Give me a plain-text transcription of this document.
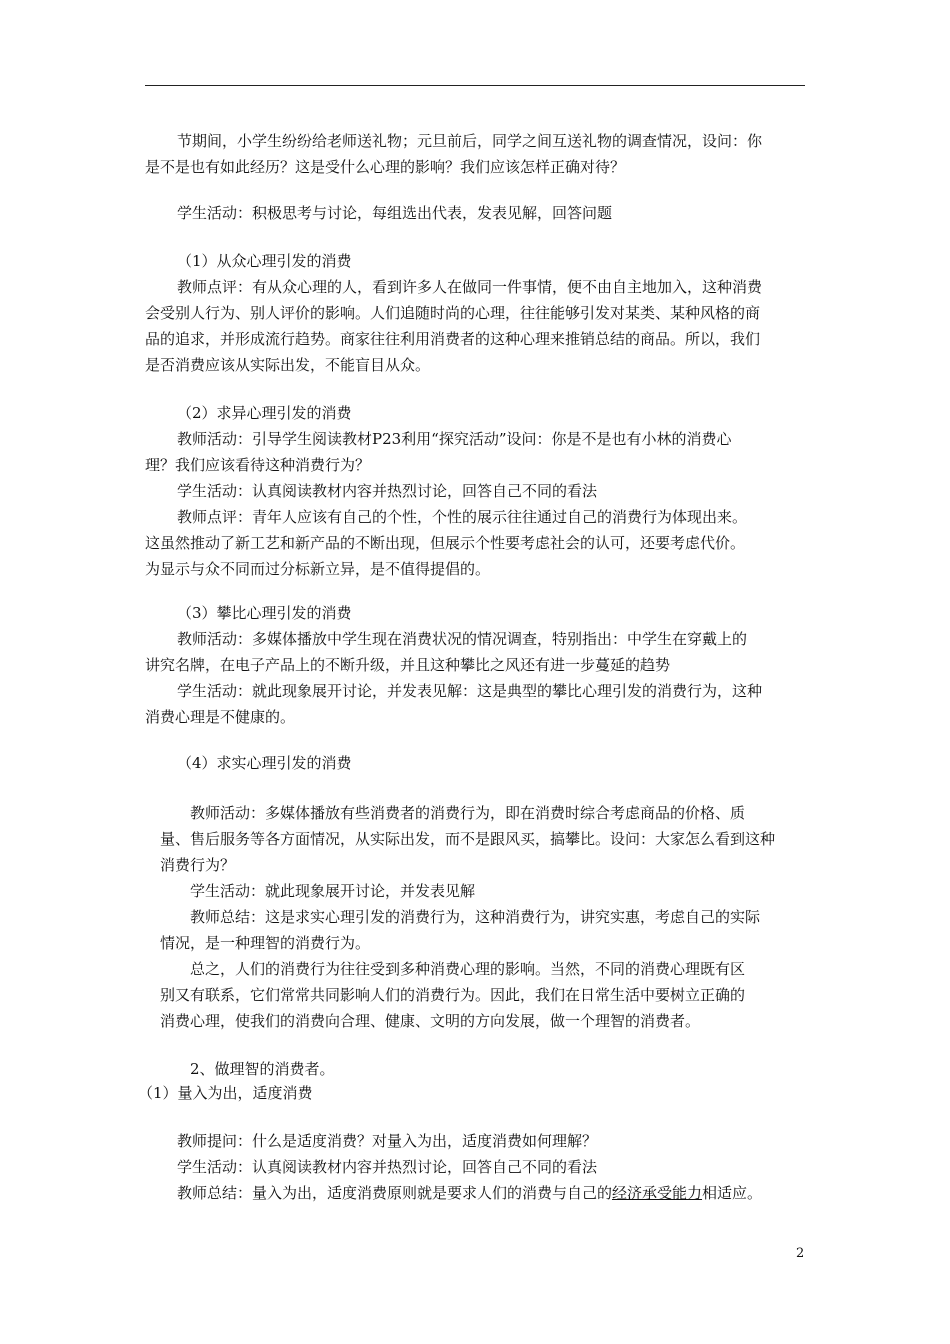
节期间，小学生纷纷给老师送礼物；元旦前后，同学之间互送礼物的调查情况，设问：你
是不是也有如此经历？这是受什么心理的影响？我们应该怎样正确对待？
学生活动：积极思考与讨论，每组选出代表，发表见解，回答问题
（1）从众心理引发的消费
教师点评：有从众心理的人，看到许多人在做同一件事情，便不由自主地加入，这种消费
会受别人行为、别人评价的影响。人们追随时尚的心理，往往能够引发对某类、某种风格的商
品的追求，并形成流行趋势。商家往往利用消费者的这种心理来推销总结的商品。所以，我们
是否消费应该从实际出发，不能盲目从众。
（2）求异心理引发的消费
教师活动：引导学生阅读教材P23利用“探究活动”设问：你是不是也有小林的消费心
理？我们应该看待这种消费行为？
学生活动：认真阅读教材内容并热烈讨论，回答自己不同的看法
教师点评：青年人应该有自己的个性，个性的展示往往通过自己的消费行为体现出来。
这虽然推动了新工艺和新产品的不断出现，但展示个性要考虑社会的认可，还要考虑代价。
为显示与众不同而过分标新立异，是不值得提倡的。
（3）攀比心理引发的消费
教师活动：多媒体播放中学生现在消费状况的情况调查，特别指出：中学生在穿戴上的
讲究名牌，在电子产品上的不断升级，并且这种攀比之风还有进一步蔓延的趋势
学生活动：就此现象展开讨论，并发表见解：这是典型的攀比心理引发的消费行为，这种
消费心理是不健康的。
（4）求实心理引发的消费
教师活动：多媒体播放有些消费者的消费行为，即在消费时综合考虑商品的价格、质
量、售后服务等各方面情况，从实际出发，而不是跟风买，搞攀比。设问：大家怎么看到这种
消费行为？
学生活动：就此现象展开讨论，并发表见解
教师总结：这是求实心理引发的消费行为，这种消费行为，讲究实惠，考虑自己的实际
情况，是一种理智的消费行为。
总之，人们的消费行为往往受到多种消费心理的影响。当然，不同的消费心理既有区
别又有联系，它们常常共同影响人们的消费行为。因此，我们在日常生活中要树立正确的
消费心理，使我们的消费向合理、健康、文明的方向发展，做一个理智的消费者。
2、做理智的消费者。
（1）量入为出，适度消费
教师提问：什么是适度消费？对量入为出，适度消费如何理解？
学生活动：认真阅读教材内容并热烈讨论，回答自己不同的看法
教师总结：量入为出，适度消费原则就是要求人们的消费与自己的经济承受能力相适应。
2
